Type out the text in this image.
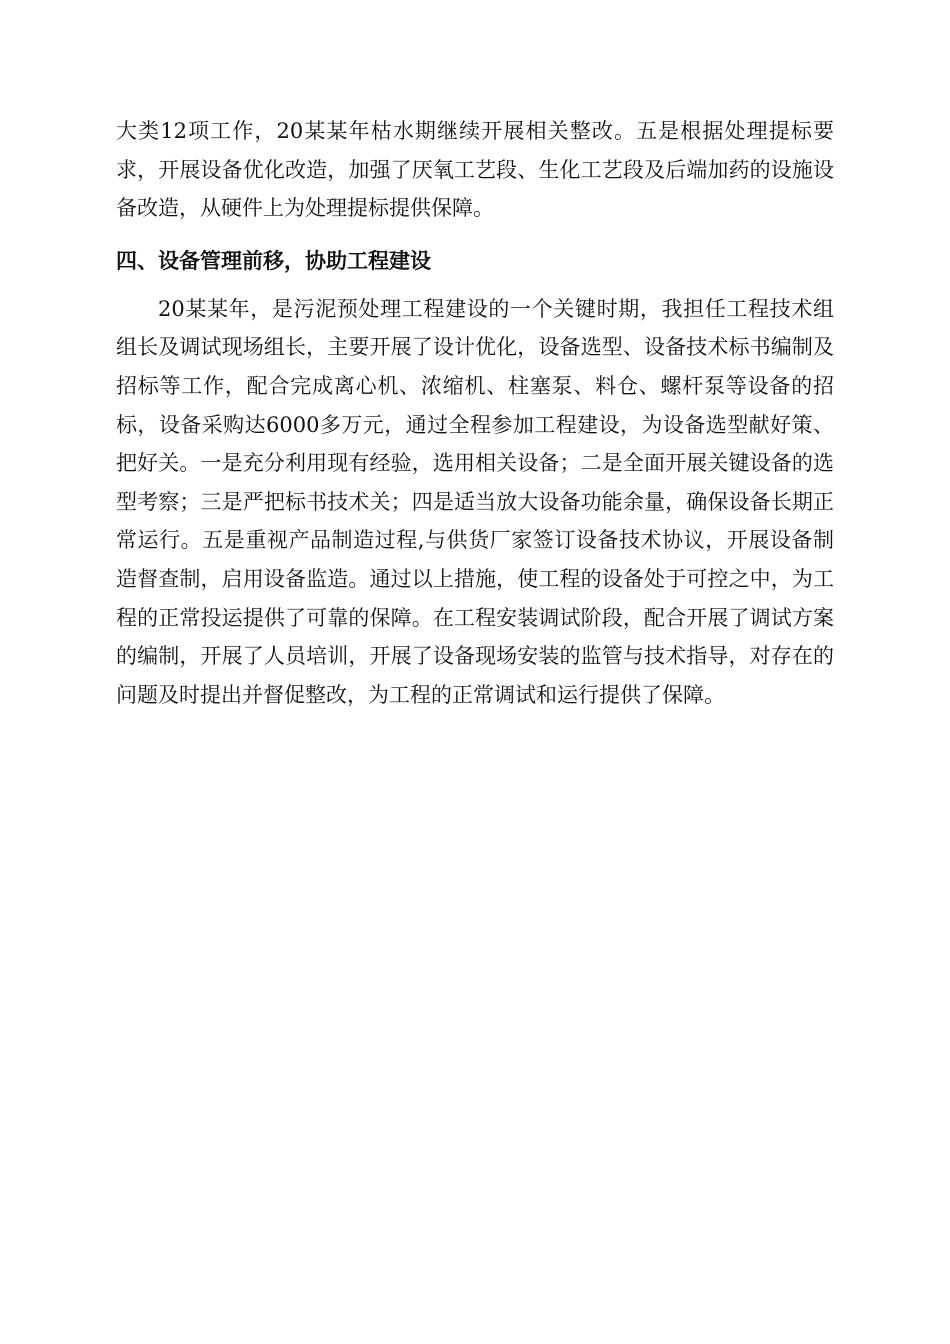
大类12项工作，20某某年枯水期继续开展相关整改。五是根据处理提标要求，开展设备优化改造，加强了厌氧工艺段、生化工艺段及后端加药的设施设备改造，从硬件上为处理提标提供保障。

四、设备管理前移，协助工程建设

20某某年，是污泥预处理工程建设的一个关键时期，我担任工程技术组组长及调试现场组长，主要开展了设计优化，设备选型、设备技术标书编制及招标等工作，配合完成离心机、浓缩机、柱塞泵、料仓、螺杆泵等设备的招标，设备采购达6000多万元，通过全程参加工程建设，为设备选型献好策、把好关。一是充分利用现有经验，选用相关设备；二是全面开展关键设备的选型考察；三是严把标书技术关；四是适当放大设备功能余量，确保设备长期正常运行。五是重视产品制造过程,与供货厂家签订设备技术协议，开展设备制造督查制，启用设备监造。通过以上措施，使工程的设备处于可控之中，为工程的正常投运提供了可靠的保障。在工程安装调试阶段，配合开展了调试方案的编制，开展了人员培训，开展了设备现场安装的监管与技术指导，对存在的问题及时提出并督促整改，为工程的正常调试和运行提供了保障。
